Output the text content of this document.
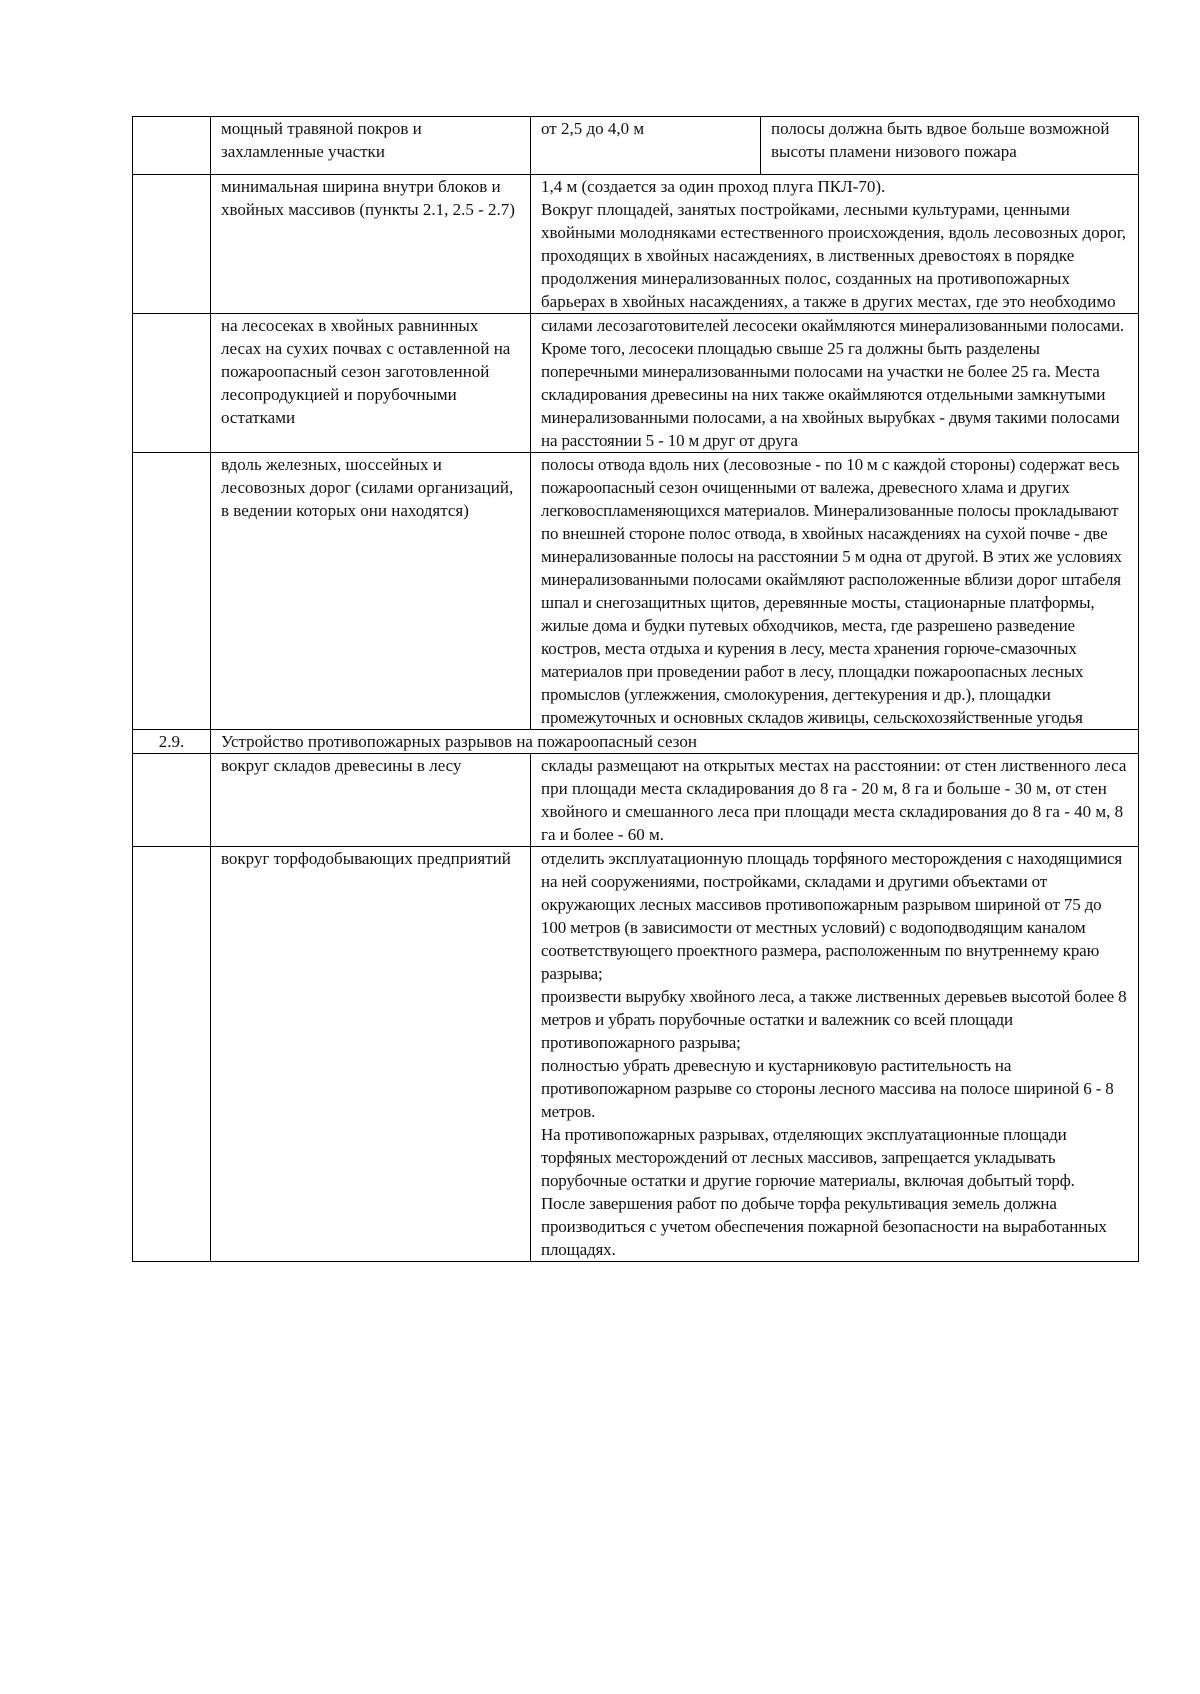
	мощный травяной покров и захламленные участки	от 2,5 до 4,0 м	полосы должна быть вдвое больше возможной высоты пламени низового пожара
	минимальная ширина внутри блоков и хвойных массивов (пункты 2.1, 2.5 - 2.7)	1,4 м (создается за один проход плуга ПКЛ-70).
Вокруг площадей, занятых постройками, лесными культурами, ценными хвойными молодняками естественного происхождения, вдоль лесовозных дорог, проходящих в хвойных насаждениях, в лиственных древостоях в порядке продолжения минерализованных полос, созданных на противопожарных барьерах в хвойных насаждениях, а также в других местах, где это необходимо	

	на лесосеках в хвойных равнинных лесах на сухих почвах с оставленной на пожароопасный сезон заготовленной лесопродукцией и порубочными остатками	силами лесозаготовителей лесосеки окаймляются минерализованными полосами. Кроме того, лесосеки площадью свыше 25 га должны быть разделены поперечными минерализованными полосами на участки не более 25 га. Места складирования древесины на них также окаймляются отдельными замкнутыми минерализованными полосами, а на хвойных вырубках - двумя такими полосами на расстоянии 5 - 10 м друг от друга	

	вдоль железных, шоссейных и лесовозных дорог (силами организаций, в ведении которых они находятся)	полосы отвода вдоль них (лесовозные - по 10 м с каждой стороны) содержат весь пожароопасный сезон очищенными от валежа, древесного хлама и других легковоспламеняющихся материалов. Минерализованные полосы прокладывают по внешней стороне полос отвода, в хвойных насаждениях на сухой почве - две минерализованные полосы на расстоянии 5 м одна от другой. В этих же условиях минерализованными полосами окаймляют расположенные вблизи дорог штабеля шпал и снегозащитных щитов, деревянные мосты, стационарные платформы, жилые дома и будки путевых обходчиков, места, где разрешено разведение костров, места отдыха и курения в лесу, места хранения горюче-смазочных материалов при проведении работ в лесу, площадки пожароопасных лесных промыслов (углежжения, смолокурения, дегтекурения и др.), площадки промежуточных и основных складов живицы, сельскохозяйственные угодья	

2.9.	Устройство противопожарных разрывов на пожароопасный сезон		
	вокруг складов древесины в лесу	склады размещают на открытых местах на расстоянии: от стен лиственного леса при площади места складирования до 8 га - 20 м, 8 га и больше - 30 м, от стен хвойного и смешанного леса при площади места складирования до 8 га - 40 м, 8 га и более - 60 м.	

	вокруг торфодобывающих предприятий	отделить эксплуатационную площадь торфяного месторождения с находящимися на ней сооружениями, постройками, складами и другими объектами от окружающих лесных массивов противопожарным разрывом шириной от 75 до 100 метров (в зависимости от местных условий) с водоподводящим каналом соответствующего проектного размера, расположенным по внутреннему краю разрыва;
произвести вырубку хвойного леса, а также лиственных деревьев высотой более 8 метров и убрать порубочные остатки и валежник со всей площади противопожарного разрыва;
полностью убрать древесную и кустарниковую растительность на противопожарном разрыве со стороны лесного массива на полосе шириной 6 - 8 метров.
На противопожарных разрывах, отделяющих эксплуатационные площади торфяных месторождений от лесных массивов, запрещается укладывать порубочные остатки и другие горючие материалы, включая добытый торф.
После завершения работ по добыче торфа рекультивация земель должна производиться с учетом обеспечения пожарной безопасности на выработанных площадях.	
